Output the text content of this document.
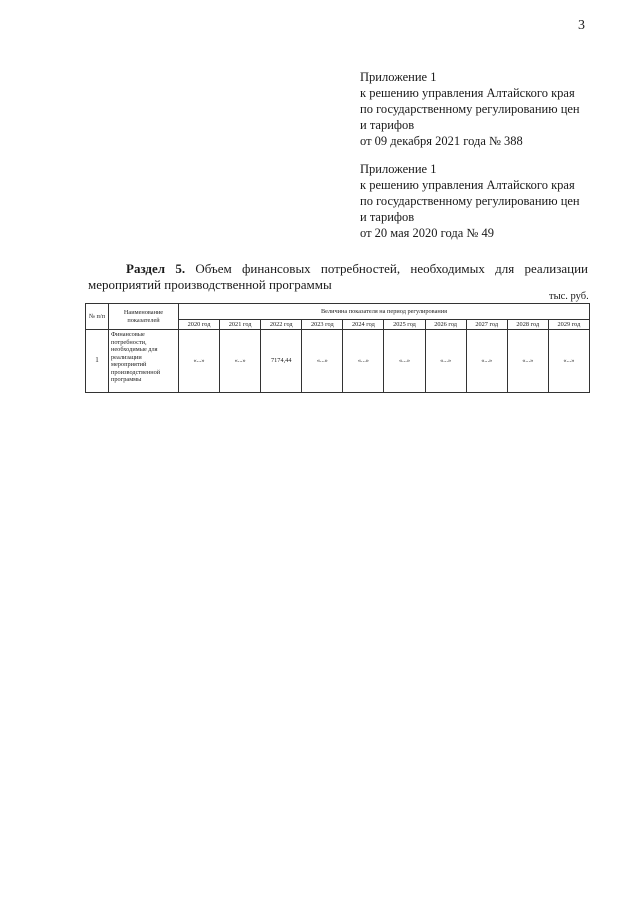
3
Приложение 1
к решению управления Алтайского края
по государственному регулированию цен
и тарифов
от 09 декабря 2021 года № 388
Приложение 1
к решению управления Алтайского края
по государственному регулированию цен
и тарифов
от 20 мая 2020 года № 49
Раздел 5. Объем финансовых потребностей, необходимых для реализации
мероприятий производственной программы
тыс. руб.
№ п/п	Наименование показателей	Величина показателя на период регулирования									
		2020 год	2021 год	2022 год	2023 год	2024 год	2025 год	2026 год	2027 год	2028 год	2029 год
1	Финансовые потребности, необходимые для реализации мероприятий производственной программы	«...»	«...»	7174,44	«...»	«...»	«...»	«...»	«...»	«...»	«...»
